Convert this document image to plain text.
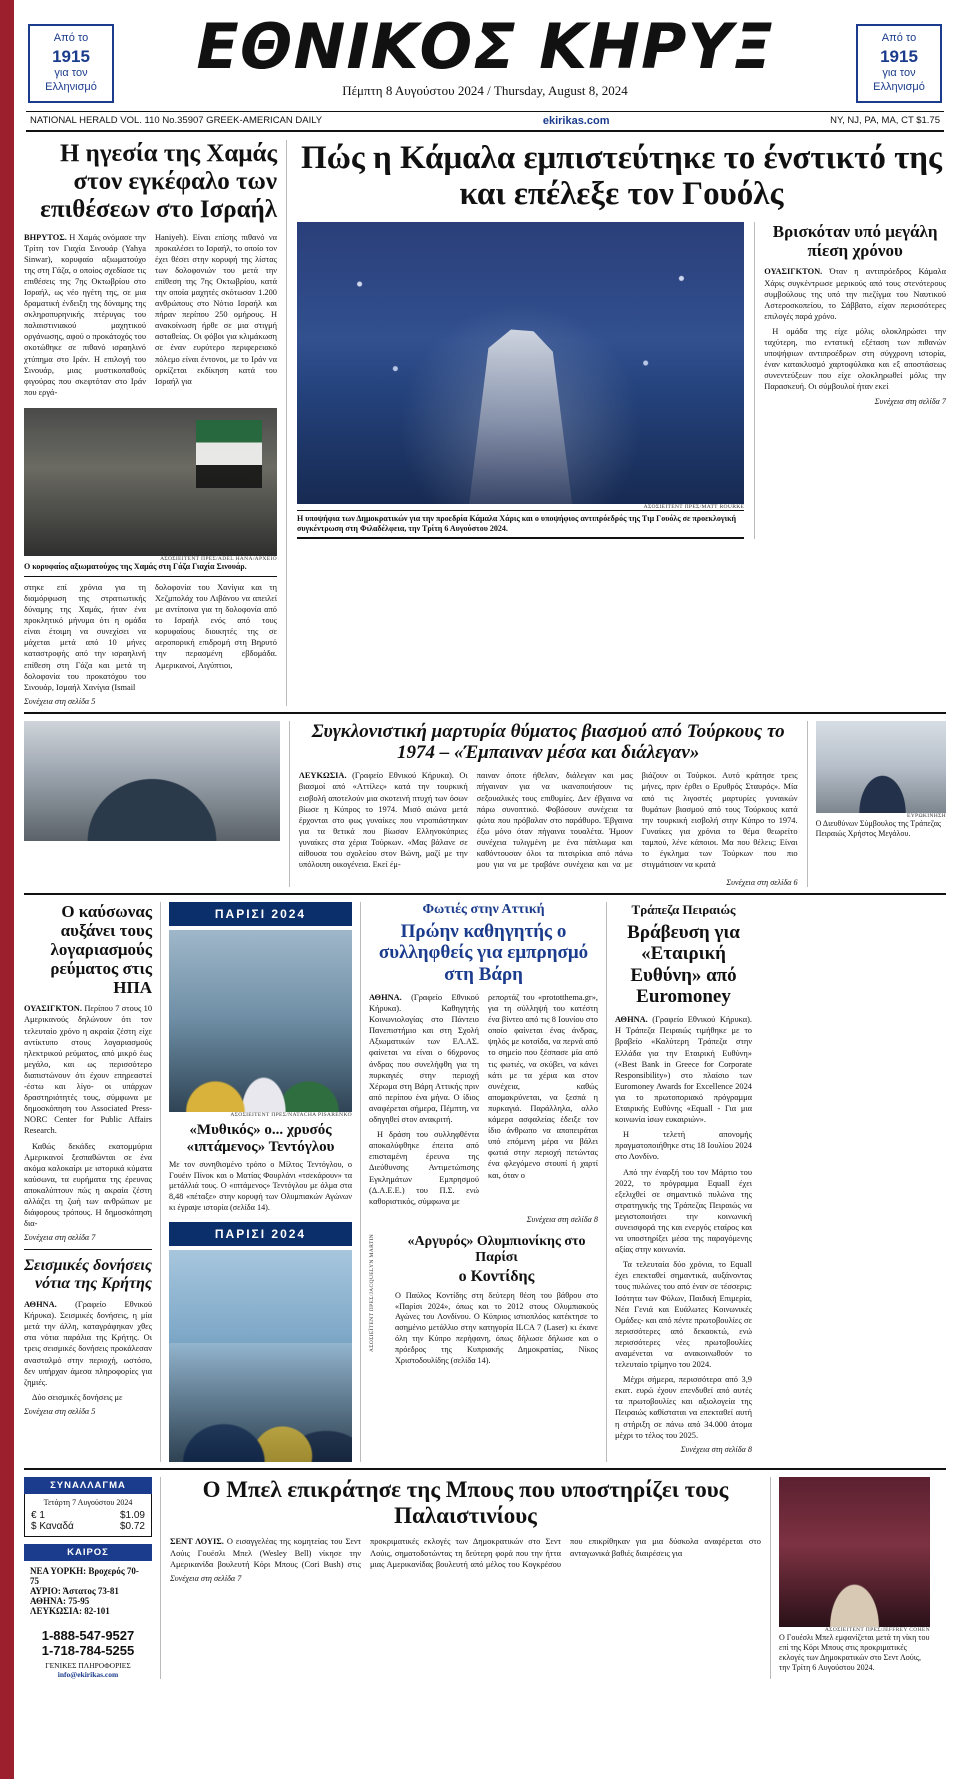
Από το
1915
για τον
Ελληνισμό
ΕΘΝΙΚΟΣ ΚΗΡΥΞ
Πέμπτη 8 Αυγούστου 2024 / Thursday, August 8, 2024
Από το
1915
για τον
Ελληνισμό
NATIONAL HERALD VOL. 110 No.35907 GREEK-AMERICAN DAILY	ekirikas.com	NY, NJ, PA, MA, CT $1.75
Η ηγεσία της Χαμάς στον εγκέφαλο των επιθέσεων στο Ισραήλ

ΒΗΡΥΤΟΣ. Η Χαμάς ονόμασε την Τρίτη τον Γιαχία Σινουάρ (Yahya Sinwar), κορυφαίο αξιωματούχο της στη Γάζα, ο οποίος σχεδίασε τις επιθέσεις της 7ης Οκτωβρίου στο Ισραήλ, ως νέο ηγέτη της, σε μια δραματική ένδειξη της δύναμης της σκληροπυρηνικής πτέρυγας του παλαιστινιακού μαχητικού οργάνωσης, αφού ο προκάτοχός του σκοτώθηκε σε πιθανό ισραηλινό χτύπημα στο Ιράν. Η επιλογή του Σινουάρ, μιας μυστικοπαθούς φιγούρας που σκεφτόταν στο Ιράν που εργά-

Haniyeh). Είναι επίσης πιθανό να προκαλέσει το Ισραήλ, το οποίο τον έχει θέσει στην κορυφή της λίστας των δολοφονιών του μετά την επίθεση της 7ης Οκτωβρίου, κατά την οποία μαχητές σκότωσαν 1.200 ανθρώπους στο Νότιο Ισραήλ και πήραν περίπου 250 ομήρους. Η ανακοίνωση ήρθε σε μια στιγμή ασταθείας. Οι φόβοι για κλιμάκωση σε έναν ευρύτερο περιφερειακό πόλεμο είναι έντονοι, με το Ιράν να ορκίζεται εκδίκηση κατά του Ισραήλ για

ΑΣΟΣΙΕΪΤΕΝΤ ΠΡΕΣ/ΑDEL HANA/ΑΡΧΕΙΟ
Ο κορυφαίος αξιωματούχος της Χαμάς στη Γάζα Γιαχία Σινουάρ.
στηκε επί χρόνια για τη διαμόρφωση της στρατιωτικής δύναμης της Χαμάς, ήταν ένα προκλητικό μήνυμα ότι η ομάδα είναι έτοιμη να συνεχίσει να μάχεται μετά από 10 μήνες καταστροφής από την ισραηλινή επίθεση στη Γάζα και μετά τη δολοφονία του προκατόχου του Σινουάρ, Ισμαήλ Χανίγια (Ismail
δολοφονία του Χανίγια και τη Χεζμπολάχ του Λιβάνου να απειλεί με αντίποινα για τη δολοφονία από το Ισραήλ ενός από τους κορυφαίους διοικητές της σε αεροπορική επιδρομή στη Βηρυτό την περασμένη εβδομάδα. Αμερικανοί, Αιγύπτιοι,
Συνέχεια στη σελίδα 5
Πώς η Κάμαλα εμπιστεύτηκε το ένστικτό της και επέλεξε τον Γουόλς
ΑΣΟΣΙΕΪΤΕΝΤ ΠΡΕΣ/MATT ROURKE
Η υποψήφια των Δημοκρατικών για την προεδρία Κάμαλα Χάρις και ο υποψήφιος αντιπρόεδρός της Τιμ Γουόλς σε προεκλογική συγκέντρωση στη Φιλαδέλφεια, την Τρίτη 6 Αυγούστου 2024.
Βρισκόταν υπό μεγάλη πίεση χρόνου

ΟΥΑΣΙΓΚΤΟΝ. Όταν η αντιπρόεδρος Κάμαλα Χάρις συγκέντρωσε μερικούς από τους στενότερους συμβούλους της υπό την πιεζίγμα του Ναυτικού Αστεροσκοπείου, το Σάββατο, είχαν περισσότερες επιλογές παρά χρόνο.

Η ομάδα της είχε μόλις ολοκληρώσει την ταχύτερη, πιο εντατική εξέταση των πιθανών υποψήφιων αντιπροέδρων στη σύγχρονη ιστορία, έναν κατακλυσμό χαρτοφύλακα και εξ αποστάσεως συνεντεύξεων που είχε ολοκληρωθεί μόλις την Παρασκευή. Οι σύμβουλοί ήταν εκεί

Συνέχεια στη σελίδα 7
Συγκλονιστική μαρτυρία θύματος βιασμού από Τούρκους το 1974 – «Έμπαιναν μέσα και διάλεγαν»

ΛΕΥΚΩΣΙΑ. (Γραφείο Εθνικού Κήρυκα). Οι βιασμοί από «Αττίλες» κατά την τουρκική εισβολή αποτελούν μια σκοτεινή πτυχή των όσων βίωσε η Κύπρος το 1974. Μισό αιώνα μετά έρχονται στο φως γυναίκες που ντροπιάστηκαν για τα θετικά που βίωσαν Ελληνοκύπριες γυναίκες στα χέρια Τούρκων. «Μας βάλανε σε αίθουσα του σχολείου στον Βώνη, μαζί με την υπόλοιπη οικογένεια. Εκεί έμ-

παιναν όποτε ήθελαν, διάλεγαν και μας πήγαιναν για να ικανοποιήσουν τις σεξουαλικές τους επιθυμίες. Δεν έβγαινα να πάρω συνοπτικό. Φοβόσουν συνέχεια τα φώτα που πρόβαλαν στο παράθυρο. Έβγαινα έξω μόνο όταν πήγαινα τουαλέτα. Ήμουν συνέχεια τυλιγμένη με ένα πάπλωμα και καθόντουσαν όλοι τα πιτσιρίκια από πάνω μου για να με τραβάνε συνέχεια και να με βιάζουν οι Τούρκοι. Αυτό κράτησε τρεις μήνες, πριν έρθει ο Ερυθρός Σταυρός». Μία από τις λιγοστές μαρτυρίες γυναικών θυμάτων βιασμού από τους Τούρκους κατά την τουρκική εισβολή στην Κύπρο το 1974. Γυναίκες για χρόνια το θέμα θεωρείτο ταμπού, λένε κάποιοι. Μα που θέλεις; Είναι το έγκλημα των Τούρκων που πιο στιγμάτισαν να κρατά

Συνέχεια στη σελίδα 6
ΕΥΡΩΚΙΝΗΣΗ
Ο Διευθύνων Σύμβουλος της Τράπεζας Πειραιώς Χρήστος Μεγάλου.
Ο καύσωνας αυξάνει τους λογαριασμούς ρεύματος στις ΗΠΑ

ΟΥΑΣΙΓΚΤΟΝ. Περίπου 7 στους 10 Αμερικανούς δηλώνουν ότι τον τελευταίο χρόνο η ακραία ζέστη είχε αντίκτυπο στους λογαριασμούς ηλεκτρικού ρεύματος, από μικρό έως μεγάλο, και ως περισσότερο διαπιστώνουν ότι έχουν επηρεαστεί -έστω και λίγο- οι υπάρχων δραστηριότητές τους, σύμφωνα με δημοσκόπηση του Associated Press-NORC Center for Public Affairs Research.

Καθώς δεκάδες εκατομμύρια Αμερικανοί ξεσπαθώνται σε ένα ακόμα καλοκαίρι με ιστορικά κύματα καύσωνα, τα ευρήματα της έρευνας αποκαλύπτουν πώς η ακραία ζέστη αλλάζει τη ζωή των ανθρώπων με διάφορους τρόπους. Η δημοσκόπηση δια-

Συνέχεια στη σελίδα 7
Σεισμικές δονήσεις νότια της Κρήτης

ΑΘΗΝΑ. (Γραφείο Εθνικού Κήρυκα). Σεισμικές δονήσεις, η μία μετά την άλλη, καταγράφηκαν χθες στα νότια παράλια της Κρήτης. Οι τρεις σεισμικές δονήσεις προκάλεσαν ανασταλμό στην περιοχή, ωστόσο, δεν υπήρχαν άμεσα πληροφορίες για ζημιές.

Δύο σεισμικές δονήσεις με

Συνέχεια στη σελίδα 5
ΠΑΡΙΣΙ 2024
ΑΣΟΣΙΕΪΤΕΝΤ ΠΡΕΣ/NATACHA PISARENKO
«Μυθικός» ο... χρυσός «ιπτάμενος» Τεντόγλου
Με τον συνηθισμένο τρόπο ο Μίλτος Τεντόγλου, ο Γουέιν Πίνοκ και ο Ματίας Φουρλάνι «τσεκάρουν» τα μετάλλιά τους. Ο «ιπτάμενος» Τεντόγλου με άλμα στα 8,48 «πέταξε» στην κορυφή των Ολυμπιακών Αγώνων κι έγραψε ιστορία (σελίδα 14).
ΠΑΡΙΣΙ 2024
Φωτιές στην Αττική
Πρώην καθηγητής ο συλληφθείς για εμπρησμό στη Βάρη

ΑΘΗΝΑ. (Γραφείο Εθνικού Κήρυκα). Καθηγητής Κοινωνιολογίας στο Πάντειο Πανεπιστήμιο και στη Σχολή Αξιωματικών των ΕΛ.ΑΣ. φαίνεται να είναι ο 66χρονος άνδρας που συνελήφθη για τη πυρκαγιές στην περιοχή Χέρωμα στη Βάρη Αττικής πριν από περίπου ένα μήνα. Ο ίδιος αναφέρεται σήμερα, Πέμπτη, να οδηγηθεί στον ανακριτή.

Η δράση του συλληφθέντα αποκαλύφθηκε έπειτα από επισταμένη έρευνα της Διεύθυνσης Αντιμετώπισης Εγκλημάτων Εμπρησμού (Δ.Α.Ε.Ε.) του Π.Σ. ενώ καθοριστικός, σύμφωνα με

ρεπορτάζ του «prototthema.gr», για τη σύλληψή του κατέστη ένα βίντεο από τις 8 Ιουνίου στο οποίο φαίνεται ένας άνδρας, ψηλός με κοτσίδα, να περνά από το σημείο που ξέσπασε μία από τις φωτιές, να σκύβει, να κάνει κάτι με τα χέρια και στον συνέχεια, καθώς απομακρύνεται, να ξεσπά η πυρκαγιά. Παράλληλα, αλλο κάμερα ασφαλείας έδειξε τον ίδιο άνθρωπο να αποπειράται υπό επόμενη μέρα να βάλει φωτιά στην περιοχή πετώντας ένα φλεγόμενο στουπί ή χαρτί και, όταν ο

Συνέχεια στη σελίδα 8
ΑΣΟΣΙΕΪΤΕΝΤ ΠΡΕΣ/JACQUELYN MARTIN	«Αργυρός» Ολυμπιονίκης στο Παρίσι
ο Κοντίδης
Ο Παύλος Κοντίδης στη δεύτερη θέση του βάθρου στο «Παρίσι 2024», όπως και το 2012 στους Ολυμπιακούς Αγώνες του Λονδίνου. Ο Κύπριος ιστιοπλόος κατέκτησε το ασημένιο μετάλλιο στην κατηγορία ILCA 7 (Laser) κι έκανε όλη την Κύπρο περήφανη, όπως δήλωσε δήλωσε και ο πρόεδρος της Κυπριακής Δημοκρατίας, Νίκος Χριστοδουλίδης (σελίδα 14).
Τράπεζα Πειραιώς
Βράβευση για «Εταιρική Ευθύνη» από Euromoney

ΑΘΗΝΑ. (Γραφείο Εθνικού Κήρυκα). Η Τράπεζα Πειραιώς τιμήθηκε με το βραβείο «Καλύτερη Τράπεζα στην Ελλάδα για την Εταιρική Ευθύνη» («Best Bank in Greece for Corporate Responsibility») στο πλαίσιο των Euromoney Awards for Excellence 2024 για το πρωτοποριακό πρόγραμμα Εταιρικής Ευθύνης «Equall - Για μια κοινωνία ίσων ευκαιριών».

Η τελετή απονομής πραγματοποιήθηκε στις 18 Ιουλίου 2024 στο Λονδίνο.

Από την έναρξή του τον Μάρτιο του 2022, το πρόγραμμα Equall έχει εξελιχθεί σε σημαντικό πυλώνα της στρατηγικής της Τράπεζας Πειραιώς να μεγιστοποιήσει την κοινωνική συνεισφορά της και ενεργός εταίρος και να υποστηρίξει μέσα της παραγόμενης αξίας στην κοινωνία.

Τα τελευταία δύο χρόνια, το Equall έχει επεκταθεί σημαντικά, αυξάνοντας τους πυλώνες του από έναν σε τέσσερις: Ισότητα των Φύλων, Παιδική Επιμερία, Νέα Γενιά και Ευάλωτες Κοινωνικές Ομάδες- και από πέντε πρωτοβουλίες σε περισσότερες από δεκαοκτώ, ενώ περισσότερες νέες πρωτοβουλίες αναμένεται να ανακοινωθούν το τελευταίο τρίμηνο του 2024.

Μέχρι σήμερα, περισσότερα από 3,9 εκατ. ευρώ έχουν επενδυθεί από αυτές τα πρωτοβουλίες και αξιολογεία της Πειραιώς καθίσταται να επεκταθεί αυτή η στήριξη σε πάνω από 34.000 άτομα μέχρι το τέλος του 2025.

Συνέχεια στη σελίδα 8
ΣΥΝΑΛΛΑΓΜΑ
Τετάρτη 7 Αυγούστου 2024
€ 1	$1.09
$ Καναδά	$0.72
ΚΑΙΡΟΣ
ΝΕΑ ΥΟΡΚΗ: Βροχερός 70-75
ΑΥΡΙΟ: Άστατος 73-81
ΑΘΗΝΑ: 75-95
ΛΕΥΚΩΣΙΑ: 82-101
1-888-547-9527
1-718-784-5255
ΓΕΝΙΚΕΣ ΠΛΗΡΟΦΟΡΙΕΣ
info@ekirikas.com
Ο Μπελ επικράτησε της Μπους που υποστηρίζει τους Παλαιστινίους

ΣΕΝΤ ΛΟΥΙΣ. Ο εισαγγελέας της κομητείας του Σεντ Λούις Γουέσλι Μπελ (Wesley Bell) νίκησε την Αμερικανίδα βουλευτή Κόρι Μπους (Cori Bush) στις προκριματικές εκλογές των Δημοκρατικών στο Σεντ Λούις, σηματοδοτώντας τη δεύτερη φορά που την ήττα μιας Αμερικανίδας βουλευτή από μέλος του Κογκρέσου που επικρίθηκαν για μια δύσκολα αναφέρεται στο ανταγωνικά βαθιές διαιρέσεις για

Συνέχεια στη σελίδα 7
ΑΣΟΣΙΕΪΤΕΝΤ ΠΡΕΣ/JEFFREY COHEN
Ο Γουέσλι Μπελ εμφανίζεται μετά τη νίκη του επί της Κόρι Μπους στις προκριματικές εκλογές των Δημοκρατικών στο Σεντ Λούις, την Τρίτη 6 Αυγούστου 2024.
